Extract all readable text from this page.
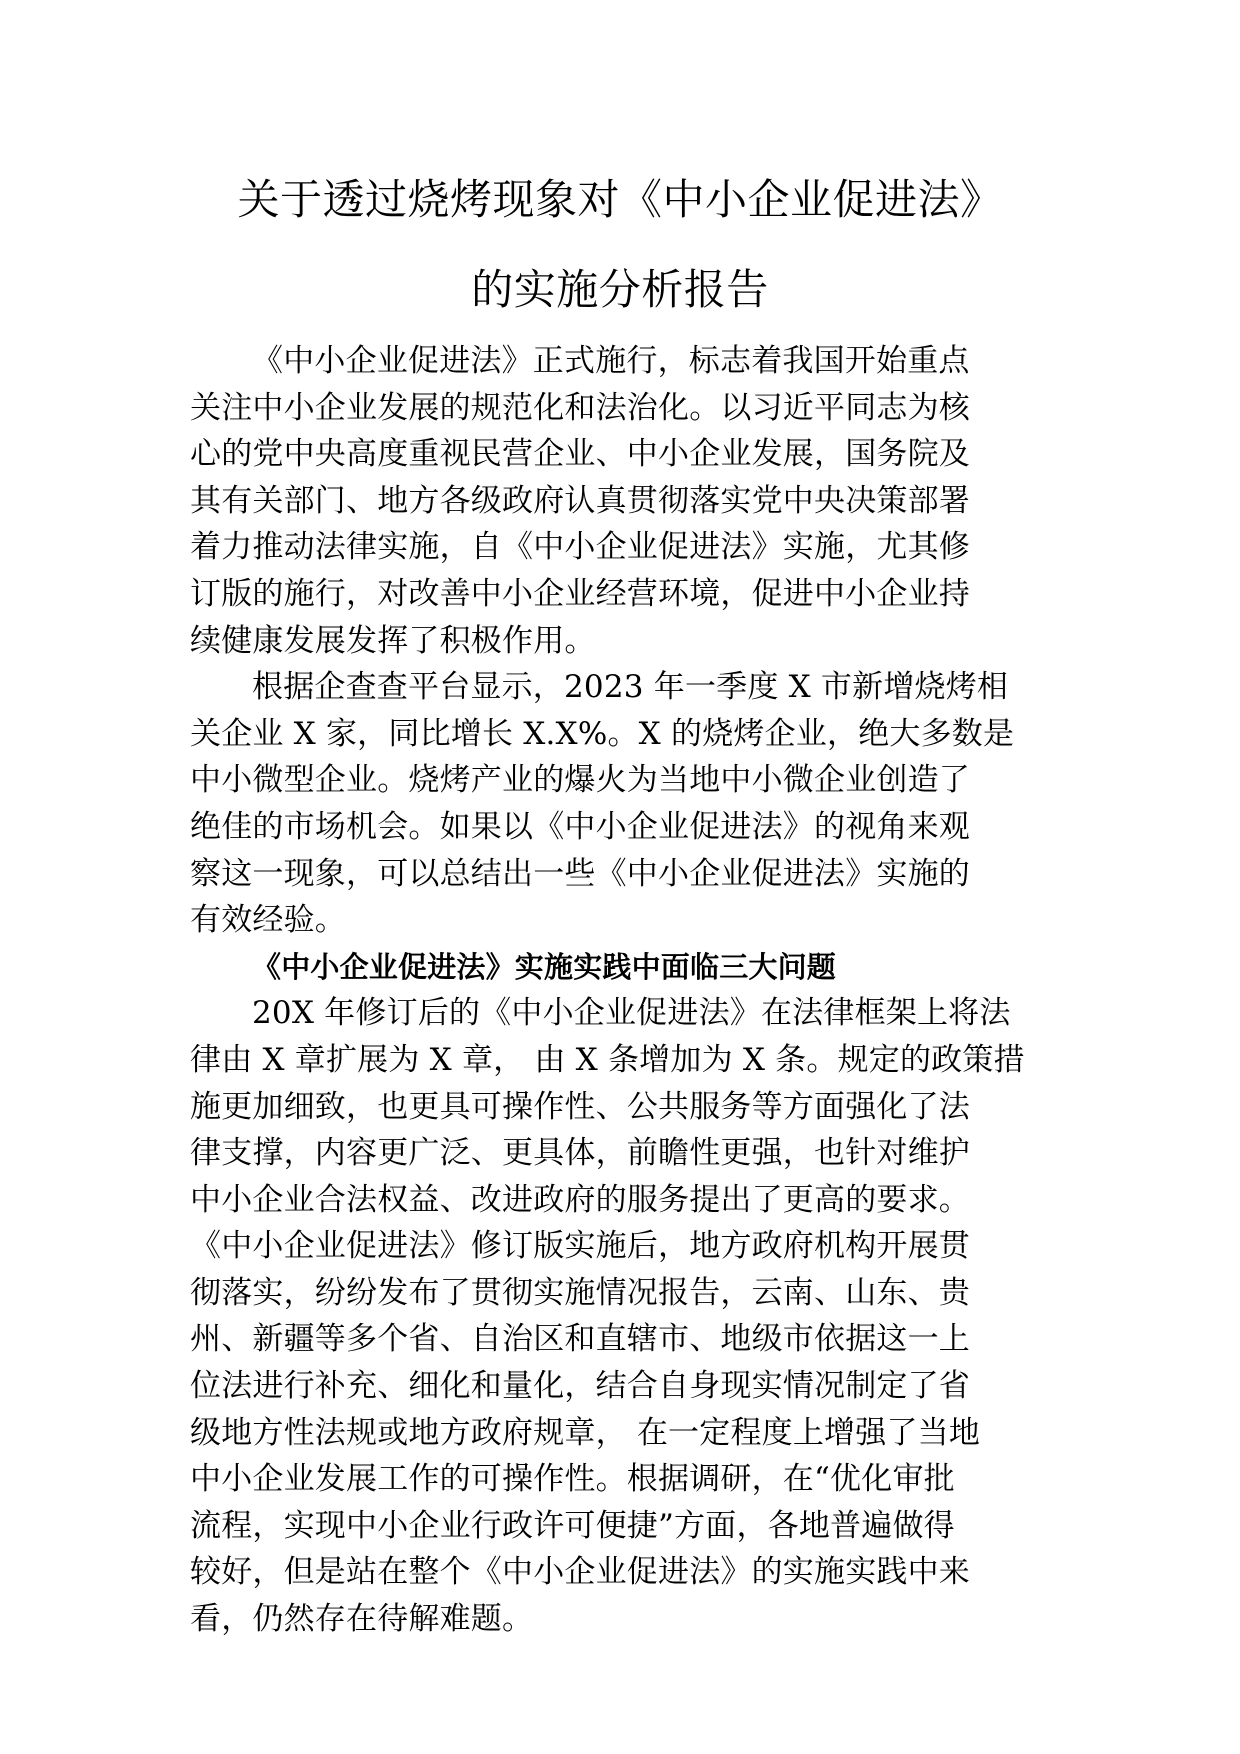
关于透过烧烤现象对《中小企业促进法》
的实施分析报告
《中小企业促进法》正式施行，标志着我国开始重点
关注中小企业发展的规范化和法治化。以习近平同志为核
心的党中央高度重视民营企业、中小企业发展，国务院及
其有关部门、地方各级政府认真贯彻落实党中央决策部署
着力推动法律实施，自《中小企业促进法》实施，尤其修
订版的施行，对改善中小企业经营环境，促进中小企业持
续健康发展发挥了积极作用。
根据企查查平台显示，2023 年一季度 X 市新增烧烤相
关企业 X 家，同比增长 X.X%。X 的烧烤企业，绝大多数是
中小微型企业。烧烤产业的爆火为当地中小微企业创造了
绝佳的市场机会。如果以《中小企业促进法》的视角来观
察这一现象，可以总结出一些《中小企业促进法》实施的
有效经验。
《中小企业促进法》实施实践中面临三大问题
20X 年修订后的《中小企业促进法》在法律框架上将法
律由 X 章扩展为 X 章， 由 X 条增加为 X 条。规定的政策措
施更加细致，也更具可操作性、公共服务等方面强化了法
律支撑，内容更广泛、更具体，前瞻性更强，也针对维护
中小企业合法权益、改进政府的服务提出了更高的要求。
《中小企业促进法》修订版实施后，地方政府机构开展贯
彻落实，纷纷发布了贯彻实施情况报告，云南、山东、贵
州、新疆等多个省、自治区和直辖市、地级市依据这一上
位法进行补充、细化和量化，结合自身现实情况制定了省
级地方性法规或地方政府规章， 在一定程度上增强了当地
中小企业发展工作的可操作性。根据调研，在“优化审批
流程，实现中小企业行政许可便捷”方面，各地普遍做得
较好，但是站在整个《中小企业促进法》的实施实践中来
看，仍然存在待解难题。
